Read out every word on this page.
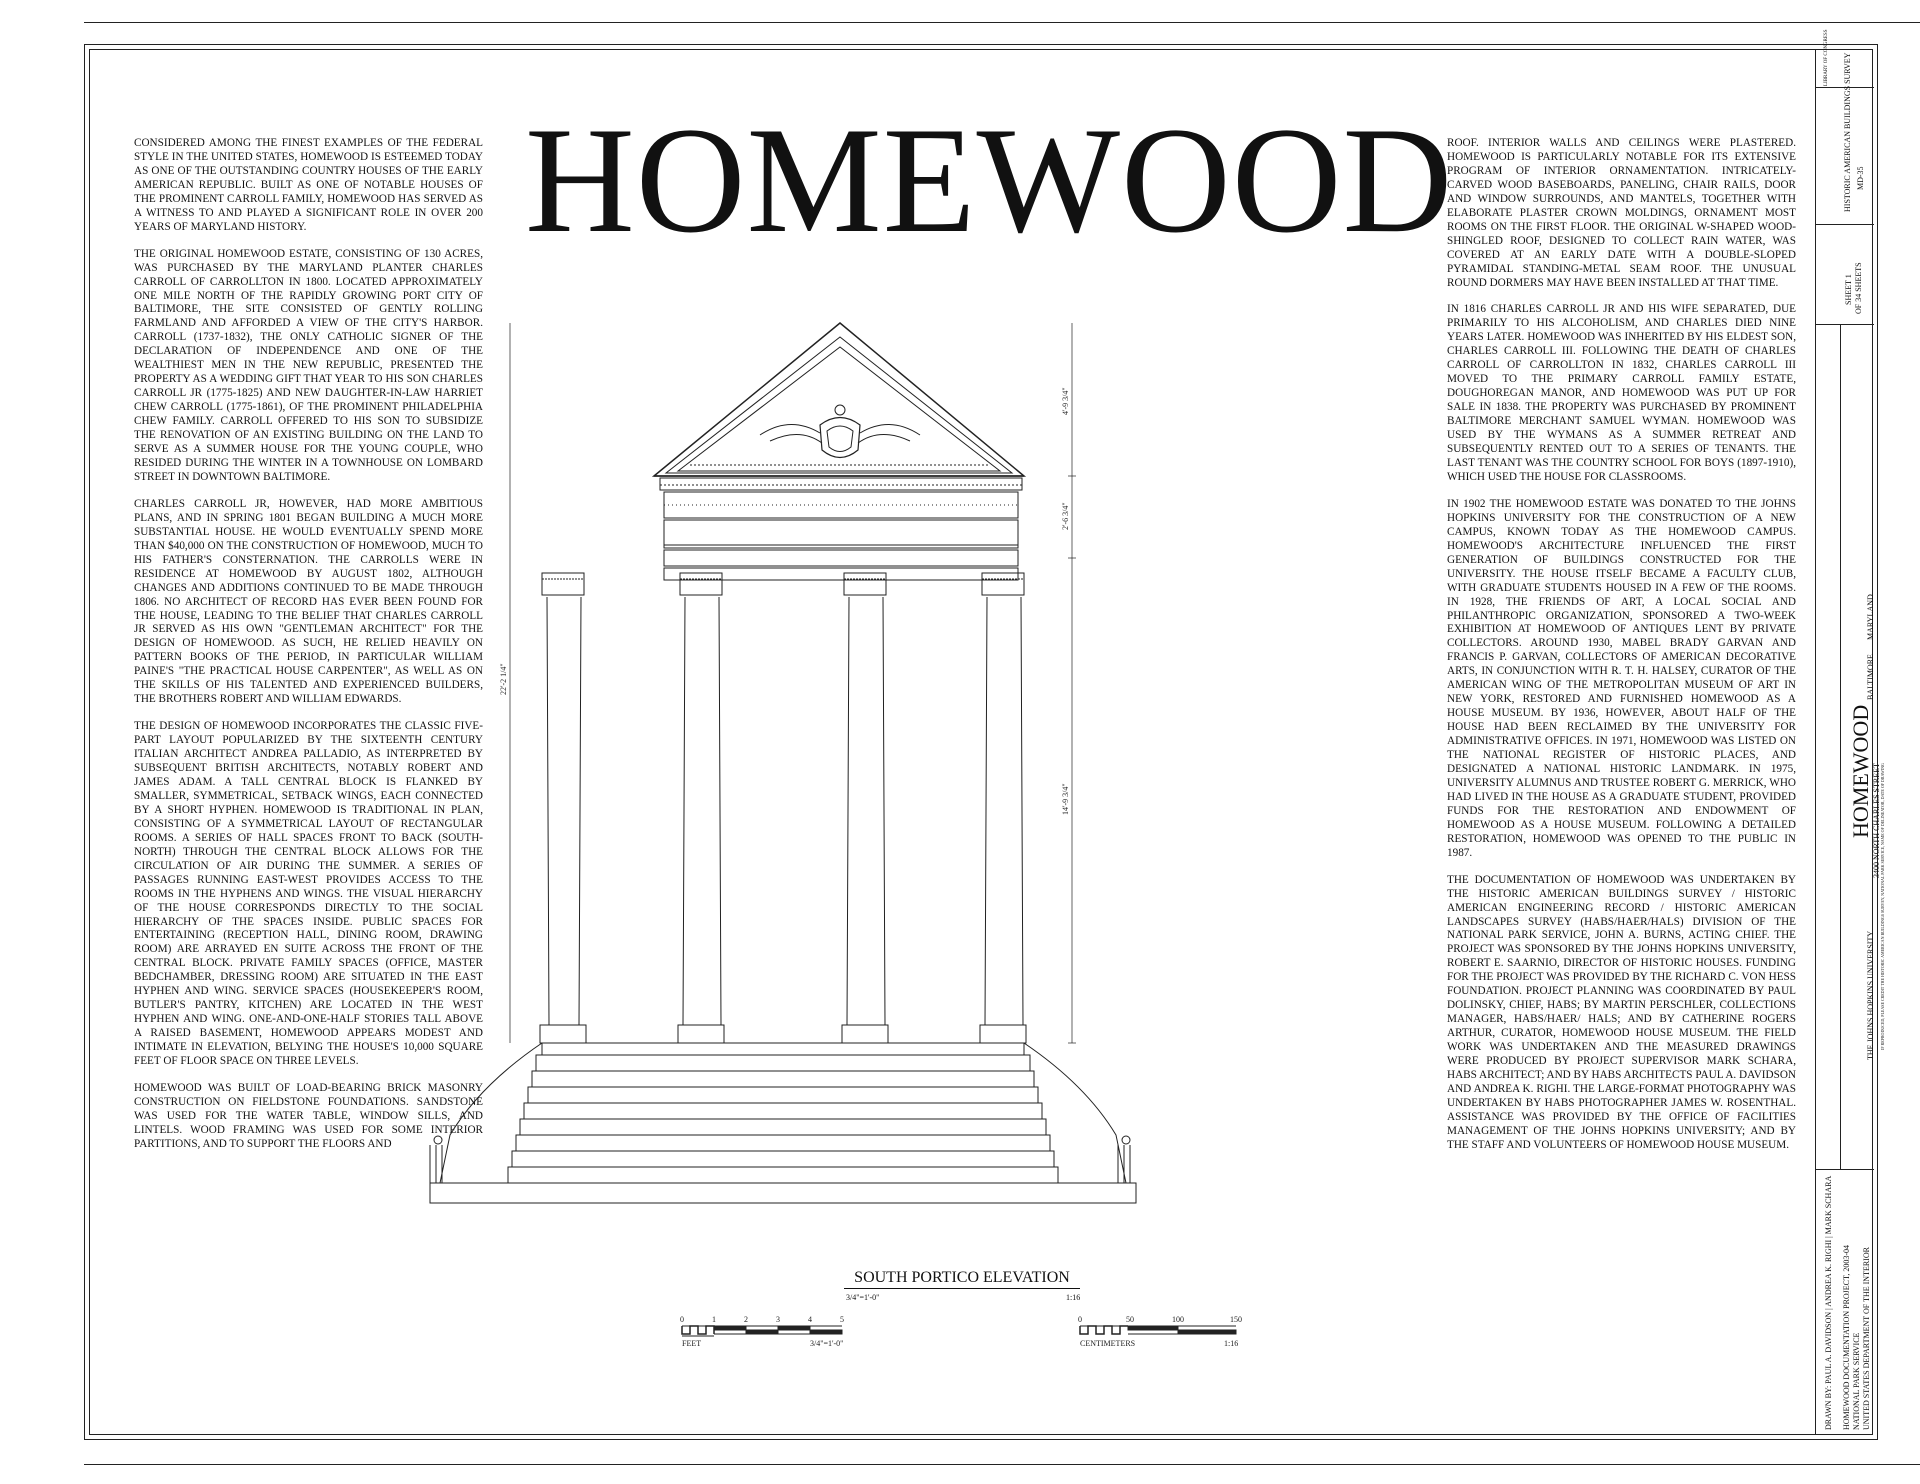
CONSIDERED AMONG THE FINEST EXAMPLES OF THE FEDERAL STYLE IN THE UNITED STATES, HOMEWOOD IS ESTEEMED TODAY AS ONE OF THE OUTSTANDING COUNTRY HOUSES OF THE EARLY AMERICAN REPUBLIC. BUILT AS ONE OF NOTABLE HOUSES OF THE PROMINENT CARROLL FAMILY, HOMEWOOD HAS SERVED AS A WITNESS TO AND PLAYED A SIGNIFICANT ROLE IN OVER 200 YEARS OF MARYLAND HISTORY.

THE ORIGINAL HOMEWOOD ESTATE, CONSISTING OF 130 ACRES, WAS PURCHASED BY THE MARYLAND PLANTER CHARLES CARROLL OF CARROLLTON IN 1800. LOCATED APPROXIMATELY ONE MILE NORTH OF THE RAPIDLY GROWING PORT CITY OF BALTIMORE, THE SITE CONSISTED OF GENTLY ROLLING FARMLAND AND AFFORDED A VIEW OF THE CITY'S HARBOR. CARROLL (1737-1832), THE ONLY CATHOLIC SIGNER OF THE DECLARATION OF INDEPENDENCE AND ONE OF THE WEALTHIEST MEN IN THE NEW REPUBLIC, PRESENTED THE PROPERTY AS A WEDDING GIFT THAT YEAR TO HIS SON CHARLES CARROLL JR (1775-1825) AND NEW DAUGHTER-IN-LAW HARRIET CHEW CARROLL (1775-1861), OF THE PROMINENT PHILADELPHIA CHEW FAMILY. CARROLL OFFERED TO HIS SON TO SUBSIDIZE THE RENOVATION OF AN EXISTING BUILDING ON THE LAND TO SERVE AS A SUMMER HOUSE FOR THE YOUNG COUPLE, WHO RESIDED DURING THE WINTER IN A TOWNHOUSE ON LOMBARD STREET IN DOWNTOWN BALTIMORE.

CHARLES CARROLL JR, HOWEVER, HAD MORE AMBITIOUS PLANS, AND IN SPRING 1801 BEGAN BUILDING A MUCH MORE SUBSTANTIAL HOUSE. HE WOULD EVENTUALLY SPEND MORE THAN $40,000 ON THE CONSTRUCTION OF HOMEWOOD, MUCH TO HIS FATHER'S CONSTERNATION. THE CARROLLS WERE IN RESIDENCE AT HOMEWOOD BY AUGUST 1802, ALTHOUGH CHANGES AND ADDITIONS CONTINUED TO BE MADE THROUGH 1806. NO ARCHITECT OF RECORD HAS EVER BEEN FOUND FOR THE HOUSE, LEADING TO THE BELIEF THAT CHARLES CARROLL JR SERVED AS HIS OWN "GENTLEMAN ARCHITECT" FOR THE DESIGN OF HOMEWOOD. AS SUCH, HE RELIED HEAVILY ON PATTERN BOOKS OF THE PERIOD, IN PARTICULAR WILLIAM PAINE'S "THE PRACTICAL HOUSE CARPENTER", AS WELL AS ON THE SKILLS OF HIS TALENTED AND EXPERIENCED BUILDERS, THE BROTHERS ROBERT AND WILLIAM EDWARDS.

THE DESIGN OF HOMEWOOD INCORPORATES THE CLASSIC FIVE-PART LAYOUT POPULARIZED BY THE SIXTEENTH CENTURY ITALIAN ARCHITECT ANDREA PALLADIO, AS INTERPRETED BY SUBSEQUENT BRITISH ARCHITECTS, NOTABLY ROBERT AND JAMES ADAM. A TALL CENTRAL BLOCK IS FLANKED BY SMALLER, SYMMETRICAL, SETBACK WINGS, EACH CONNECTED BY A SHORT HYPHEN. HOMEWOOD IS TRADITIONAL IN PLAN, CONSISTING OF A SYMMETRICAL LAYOUT OF RECTANGULAR ROOMS. A SERIES OF HALL SPACES FRONT TO BACK (SOUTH-NORTH) THROUGH THE CENTRAL BLOCK ALLOWS FOR THE CIRCULATION OF AIR DURING THE SUMMER. A SERIES OF PASSAGES RUNNING EAST-WEST PROVIDES ACCESS TO THE ROOMS IN THE HYPHENS AND WINGS. THE VISUAL HIERARCHY OF THE HOUSE CORRESPONDS DIRECTLY TO THE SOCIAL HIERARCHY OF THE SPACES INSIDE. PUBLIC SPACES FOR ENTERTAINING (RECEPTION HALL, DINING ROOM, DRAWING ROOM) ARE ARRAYED EN SUITE ACROSS THE FRONT OF THE CENTRAL BLOCK. PRIVATE FAMILY SPACES (OFFICE, MASTER BEDCHAMBER, DRESSING ROOM) ARE SITUATED IN THE EAST HYPHEN AND WING. SERVICE SPACES (HOUSEKEEPER'S ROOM, BUTLER'S PANTRY, KITCHEN) ARE LOCATED IN THE WEST HYPHEN AND WING. ONE-AND-ONE-HALF STORIES TALL ABOVE A RAISED BASEMENT, HOMEWOOD APPEARS MODEST AND INTIMATE IN ELEVATION, BELYING THE HOUSE'S 10,000 SQUARE FEET OF FLOOR SPACE ON THREE LEVELS.

HOMEWOOD WAS BUILT OF LOAD-BEARING BRICK MASONRY CONSTRUCTION ON FIELDSTONE FOUNDATIONS. SANDSTONE WAS USED FOR THE WATER TABLE, WINDOW SILLS, AND LINTELS. WOOD FRAMING WAS USED FOR SOME INTERIOR PARTITIONS, AND TO SUPPORT THE FLOORS AND

HOMEWOOD
22'-2 1/4"
4'-9 3/4"
2'-6 3/4"
14'-9 3/4"
SOUTH PORTICO ELEVATION
3/4"=1'-0"	1:16
0	1	2	3	4	5
FEET	3/4"=1'-0"
0	50	100	150
CENTIMETERS	1:16

ROOF. INTERIOR WALLS AND CEILINGS WERE PLASTERED. HOMEWOOD IS PARTICULARLY NOTABLE FOR ITS EXTENSIVE PROGRAM OF INTERIOR ORNAMENTATION. INTRICATELY-CARVED WOOD BASEBOARDS, PANELING, CHAIR RAILS, DOOR AND WINDOW SURROUNDS, AND MANTELS, TOGETHER WITH ELABORATE PLASTER CROWN MOLDINGS, ORNAMENT MOST ROOMS ON THE FIRST FLOOR. THE ORIGINAL W-SHAPED WOOD-SHINGLED ROOF, DESIGNED TO COLLECT RAIN WATER, WAS COVERED AT AN EARLY DATE WITH A DOUBLE-SLOPED PYRAMIDAL STANDING-METAL SEAM ROOF. THE UNUSUAL ROUND DORMERS MAY HAVE BEEN INSTALLED AT THAT TIME.

IN 1816 CHARLES CARROLL JR AND HIS WIFE SEPARATED, DUE PRIMARILY TO HIS ALCOHOLISM, AND CHARLES DIED NINE YEARS LATER. HOMEWOOD WAS INHERITED BY HIS ELDEST SON, CHARLES CARROLL III. FOLLOWING THE DEATH OF CHARLES CARROLL OF CARROLLTON IN 1832, CHARLES CARROLL III MOVED TO THE PRIMARY CARROLL FAMILY ESTATE, DOUGHOREGAN MANOR, AND HOMEWOOD WAS PUT UP FOR SALE IN 1838. THE PROPERTY WAS PURCHASED BY PROMINENT BALTIMORE MERCHANT SAMUEL WYMAN. HOMEWOOD WAS USED BY THE WYMANS AS A SUMMER RETREAT AND SUBSEQUENTLY RENTED OUT TO A SERIES OF TENANTS. THE LAST TENANT WAS THE COUNTRY SCHOOL FOR BOYS (1897-1910), WHICH USED THE HOUSE FOR CLASSROOMS.

IN 1902 THE HOMEWOOD ESTATE WAS DONATED TO THE JOHNS HOPKINS UNIVERSITY FOR THE CONSTRUCTION OF A NEW CAMPUS, KNOWN TODAY AS THE HOMEWOOD CAMPUS. HOMEWOOD'S ARCHITECTURE INFLUENCED THE FIRST GENERATION OF BUILDINGS CONSTRUCTED FOR THE UNIVERSITY. THE HOUSE ITSELF BECAME A FACULTY CLUB, WITH GRADUATE STUDENTS HOUSED IN A FEW OF THE ROOMS. IN 1928, THE FRIENDS OF ART, A LOCAL SOCIAL AND PHILANTHROPIC ORGANIZATION, SPONSORED A TWO-WEEK EXHIBITION AT HOMEWOOD OF ANTIQUES LENT BY PRIVATE COLLECTORS. AROUND 1930, MABEL BRADY GARVAN AND FRANCIS P. GARVAN, COLLECTORS OF AMERICAN DECORATIVE ARTS, IN CONJUNCTION WITH R. T. H. HALSEY, CURATOR OF THE AMERICAN WING OF THE METROPOLITAN MUSEUM OF ART IN NEW YORK, RESTORED AND FURNISHED HOMEWOOD AS A HOUSE MUSEUM. BY 1936, HOWEVER, ABOUT HALF OF THE HOUSE HAD BEEN RECLAIMED BY THE UNIVERSITY FOR ADMINISTRATIVE OFFICES. IN 1971, HOMEWOOD WAS LISTED ON THE NATIONAL REGISTER OF HISTORIC PLACES, AND DESIGNATED A NATIONAL HISTORIC LANDMARK. IN 1975, UNIVERSITY ALUMNUS AND TRUSTEE ROBERT G. MERRICK, WHO HAD LIVED IN THE HOUSE AS A GRADUATE STUDENT, PROVIDED FUNDS FOR THE RESTORATION AND ENDOWMENT OF HOMEWOOD AS A HOUSE MUSEUM. FOLLOWING A DETAILED RESTORATION, HOMEWOOD WAS OPENED TO THE PUBLIC IN 1987.

THE DOCUMENTATION OF HOMEWOOD WAS UNDERTAKEN BY THE HISTORIC AMERICAN BUILDINGS SURVEY / HISTORIC AMERICAN ENGINEERING RECORD / HISTORIC AMERICAN LANDSCAPES SURVEY (HABS/HAER/HALS) DIVISION OF THE NATIONAL PARK SERVICE, JOHN A. BURNS, ACTING CHIEF. THE PROJECT WAS SPONSORED BY THE JOHNS HOPKINS UNIVERSITY, ROBERT E. SAARNIO, DIRECTOR OF HISTORIC HOUSES. FUNDING FOR THE PROJECT WAS PROVIDED BY THE RICHARD C. VON HESS FOUNDATION. PROJECT PLANNING WAS COORDINATED BY PAUL DOLINSKY, CHIEF, HABS; BY MARTIN PERSCHLER, COLLECTIONS MANAGER, HABS/HAER/ HALS; AND BY CATHERINE ROGERS ARTHUR, CURATOR, HOMEWOOD HOUSE MUSEUM. THE FIELD WORK WAS UNDERTAKEN AND THE MEASURED DRAWINGS WERE PRODUCED BY PROJECT SUPERVISOR MARK SCHARA, HABS ARCHITECT; AND BY HABS ARCHITECTS PAUL A. DAVIDSON AND ANDREA K. RIGHI. THE LARGE-FORMAT PHOTOGRAPHY WAS UNDERTAKEN BY HABS PHOTOGRAPHER JAMES W. ROSENTHAL. ASSISTANCE WAS PROVIDED BY THE OFFICE OF FACILITIES MANAGEMENT OF THE JOHNS HOPKINS UNIVERSITY; AND BY THE STAFF AND VOLUNTEERS OF HOMEWOOD HOUSE MUSEUM.

LIBRARY OF CONGRESS HISTORIC AMERICAN BUILDINGS SURVEY MD-35
SHEET 1 OF 34 SHEETS
MARYLAND
BALTIMORE
HOMEWOOD 3400 NORTH CHARLES STREET
THE JOHNS HOPKINS UNIVERSITY IF REPRODUCED, PLEASE CREDIT THE HISTORIC AMERICAN BUILDINGS SURVEY, NATIONAL PARK SERVICE, NAME OF DELINEATOR, DATE OF DRAWING
DRAWN BY: PAUL A. DAVIDSON | ANDREA K. RIGHI | MARK SCHARA HOMEWOOD DOCUMENTATION PROJECT, 2003-04 NATIONAL PARK SERVICE UNITED STATES DEPARTMENT OF THE INTERIOR
